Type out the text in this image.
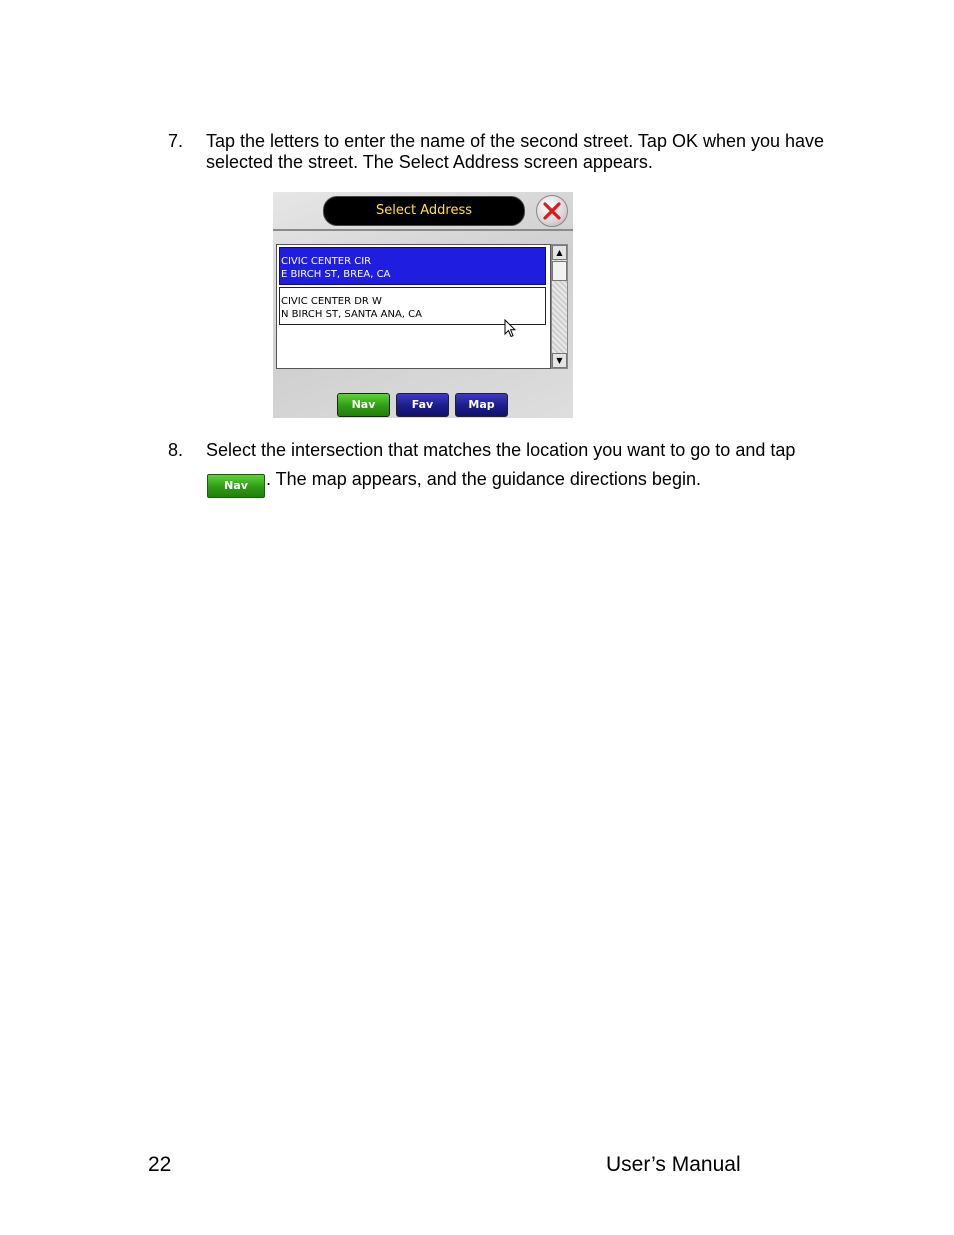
7. Tap the letters to enter the name of the second street. Tap OK when you have selected the street. The Select Address screen appears.
Select Address
CIVIC CENTER CIR
E BIRCH ST, BREA, CA
CIVIC CENTER DR W
N BIRCH ST, SANTA ANA, CA
▲
▼
Nav	Fav	Map
8. Select the intersection that matches the location you want to go to and tapNav . The map appears, and the guidance directions begin.
22	User’s Manual
